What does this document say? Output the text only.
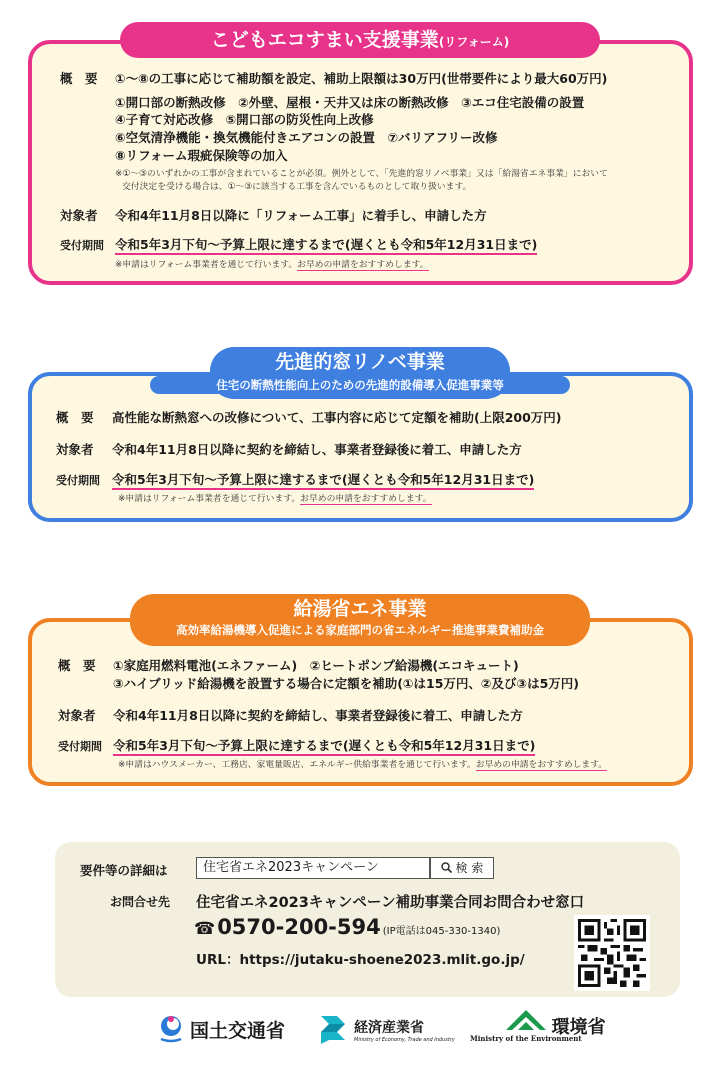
こどもエコすまい支援事業(リフォーム)
概　要	①〜⑧の工事に応じて補助額を設定、補助上限額は30万円(世帯要件により最大60万円)
①開口部の断熱改修　②外壁、屋根・天井又は床の断熱改修　③エコ住宅設備の設置
④子育て対応改修　⑤開口部の防災性向上改修
⑥空気清浄機能・換気機能付きエアコンの設置　⑦バリアフリー改修
⑧リフォーム瑕疵保険等の加入
※①〜③のいずれかの工事が含まれていることが必須。例外として、「先進的窓リノベ事業」又は「給湯省エネ事業」において
交付決定を受ける場合は、①〜③に該当する工事を含んでいるものとして取り扱います。
対象者	令和4年11月8日以降に「リフォーム工事」に着手し、申請した方
受付期間 令和5年3月下旬〜予算上限に達するまで(遅くとも令和5年12月31日まで)
※申請はリフォーム事業者を通じて行います。お早めの申請をおすすめします。
先進的窓リノベ事業
住宅の断熱性能向上のための先進的設備導入促進事業等
概　要	高性能な断熱窓への改修について、工事内容に応じて定額を補助(上限200万円)
対象者	令和4年11月8日以降に契約を締結し、事業者登録後に着工、申請した方
受付期間 令和5年3月下旬〜予算上限に達するまで(遅くとも令和5年12月31日まで)
※申請はリフォーム事業者を通じて行います。お早めの申請をおすすめします。
給湯省エネ事業
高効率給湯機導入促進による家庭部門の省エネルギー推進事業費補助金
概　要	①家庭用燃料電池(エネファーム)　②ヒートポンプ給湯機(エコキュート)
③ハイブリッド給湯機を設置する場合に定額を補助(①は15万円、②及び③は5万円)
対象者	令和4年11月8日以降に契約を締結し、事業者登録後に着工、申請した方
受付期間 令和5年3月下旬〜予算上限に達するまで(遅くとも令和5年12月31日まで)
※申請はハウスメーカー、工務店、家電量販店、エネルギー供給事業者を通じて行います。お早めの申請をおすすめします。
要件等の詳細は	住宅省エネ2023キャンペーン	検 索
お問合せ先 住宅省エネ2023キャンペーン補助事業合同お問合わせ窓口
☎ 0570-200-594 (IP電話は045-330-1340)
URL：https://jutaku-shoene2023.mlit.go.jp/
国土交通省	経済産業省
Ministry of Economy, Trade and Industry Ministry of the Environment
環境省
